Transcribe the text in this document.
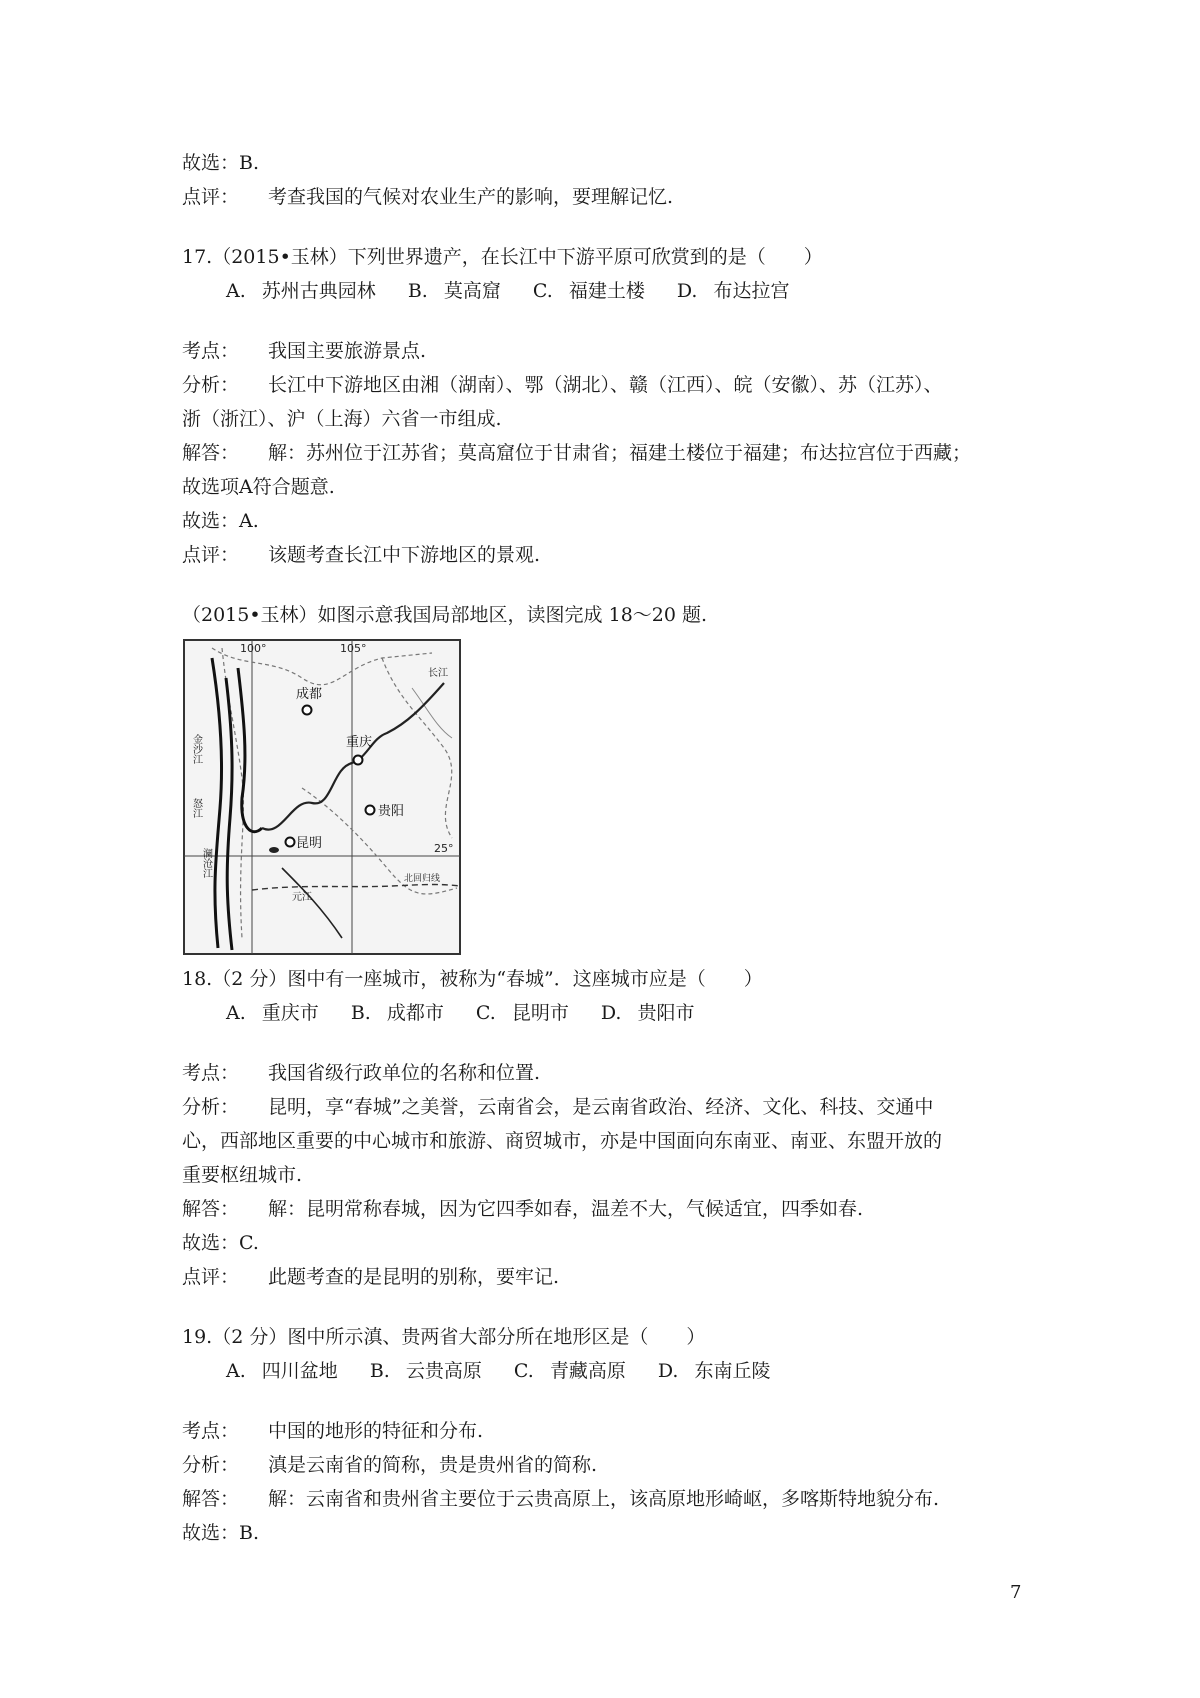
故选：B.
点评： 考查我国的气候对农业生产的影响，要理解记忆.
17.（2015•玉林）下列世界遗产，在长江中下游平原可欣赏到的是（　　）
A. 苏州古典园林 B. 莫高窟 C. 福建土楼 D. 布达拉宫
考点： 我国主要旅游景点.
分析： 长江中下游地区由湘（湖南）、鄂（湖北）、赣（江西）、皖（安徽）、苏（江苏）、
浙（浙江）、沪（上海）六省一市组成.
解答： 解：苏州位于江苏省；莫高窟位于甘肃省；福建土楼位于福建；布达拉宫位于西藏；
故选项A符合题意.
故选：A.
点评： 该题考查长江中下游地区的景观.
（2015•玉林）如图示意我国局部地区，读图完成 18～20 题.
100°	105°
25°
成都
重庆
贵阳
昆明
金沙江
怒江
澜沧江
元江
长江
北回归线
18.（2 分）图中有一座城市，被称为“春城”．这座城市应是（　　）
A. 重庆市 B. 成都市 C. 昆明市 D. 贵阳市
考点： 我国省级行政单位的名称和位置.
分析： 昆明，享“春城”之美誉，云南省会，是云南省政治、经济、文化、科技、交通中
心，西部地区重要的中心城市和旅游、商贸城市，亦是中国面向东南亚、南亚、东盟开放的
重要枢纽城市.
解答： 解：昆明常称春城，因为它四季如春，温差不大，气候适宜，四季如春.
故选：C.
点评： 此题考查的是昆明的别称，要牢记.
19.（2 分）图中所示滇、贵两省大部分所在地形区是（　　）
A. 四川盆地 B. 云贵高原 C. 青藏高原 D. 东南丘陵
考点： 中国的地形的特征和分布.
分析： 滇是云南省的简称，贵是贵州省的简称.
解答： 解：云南省和贵州省主要位于云贵高原上，该高原地形崎岖，多喀斯特地貌分布.
故选：B.
7
